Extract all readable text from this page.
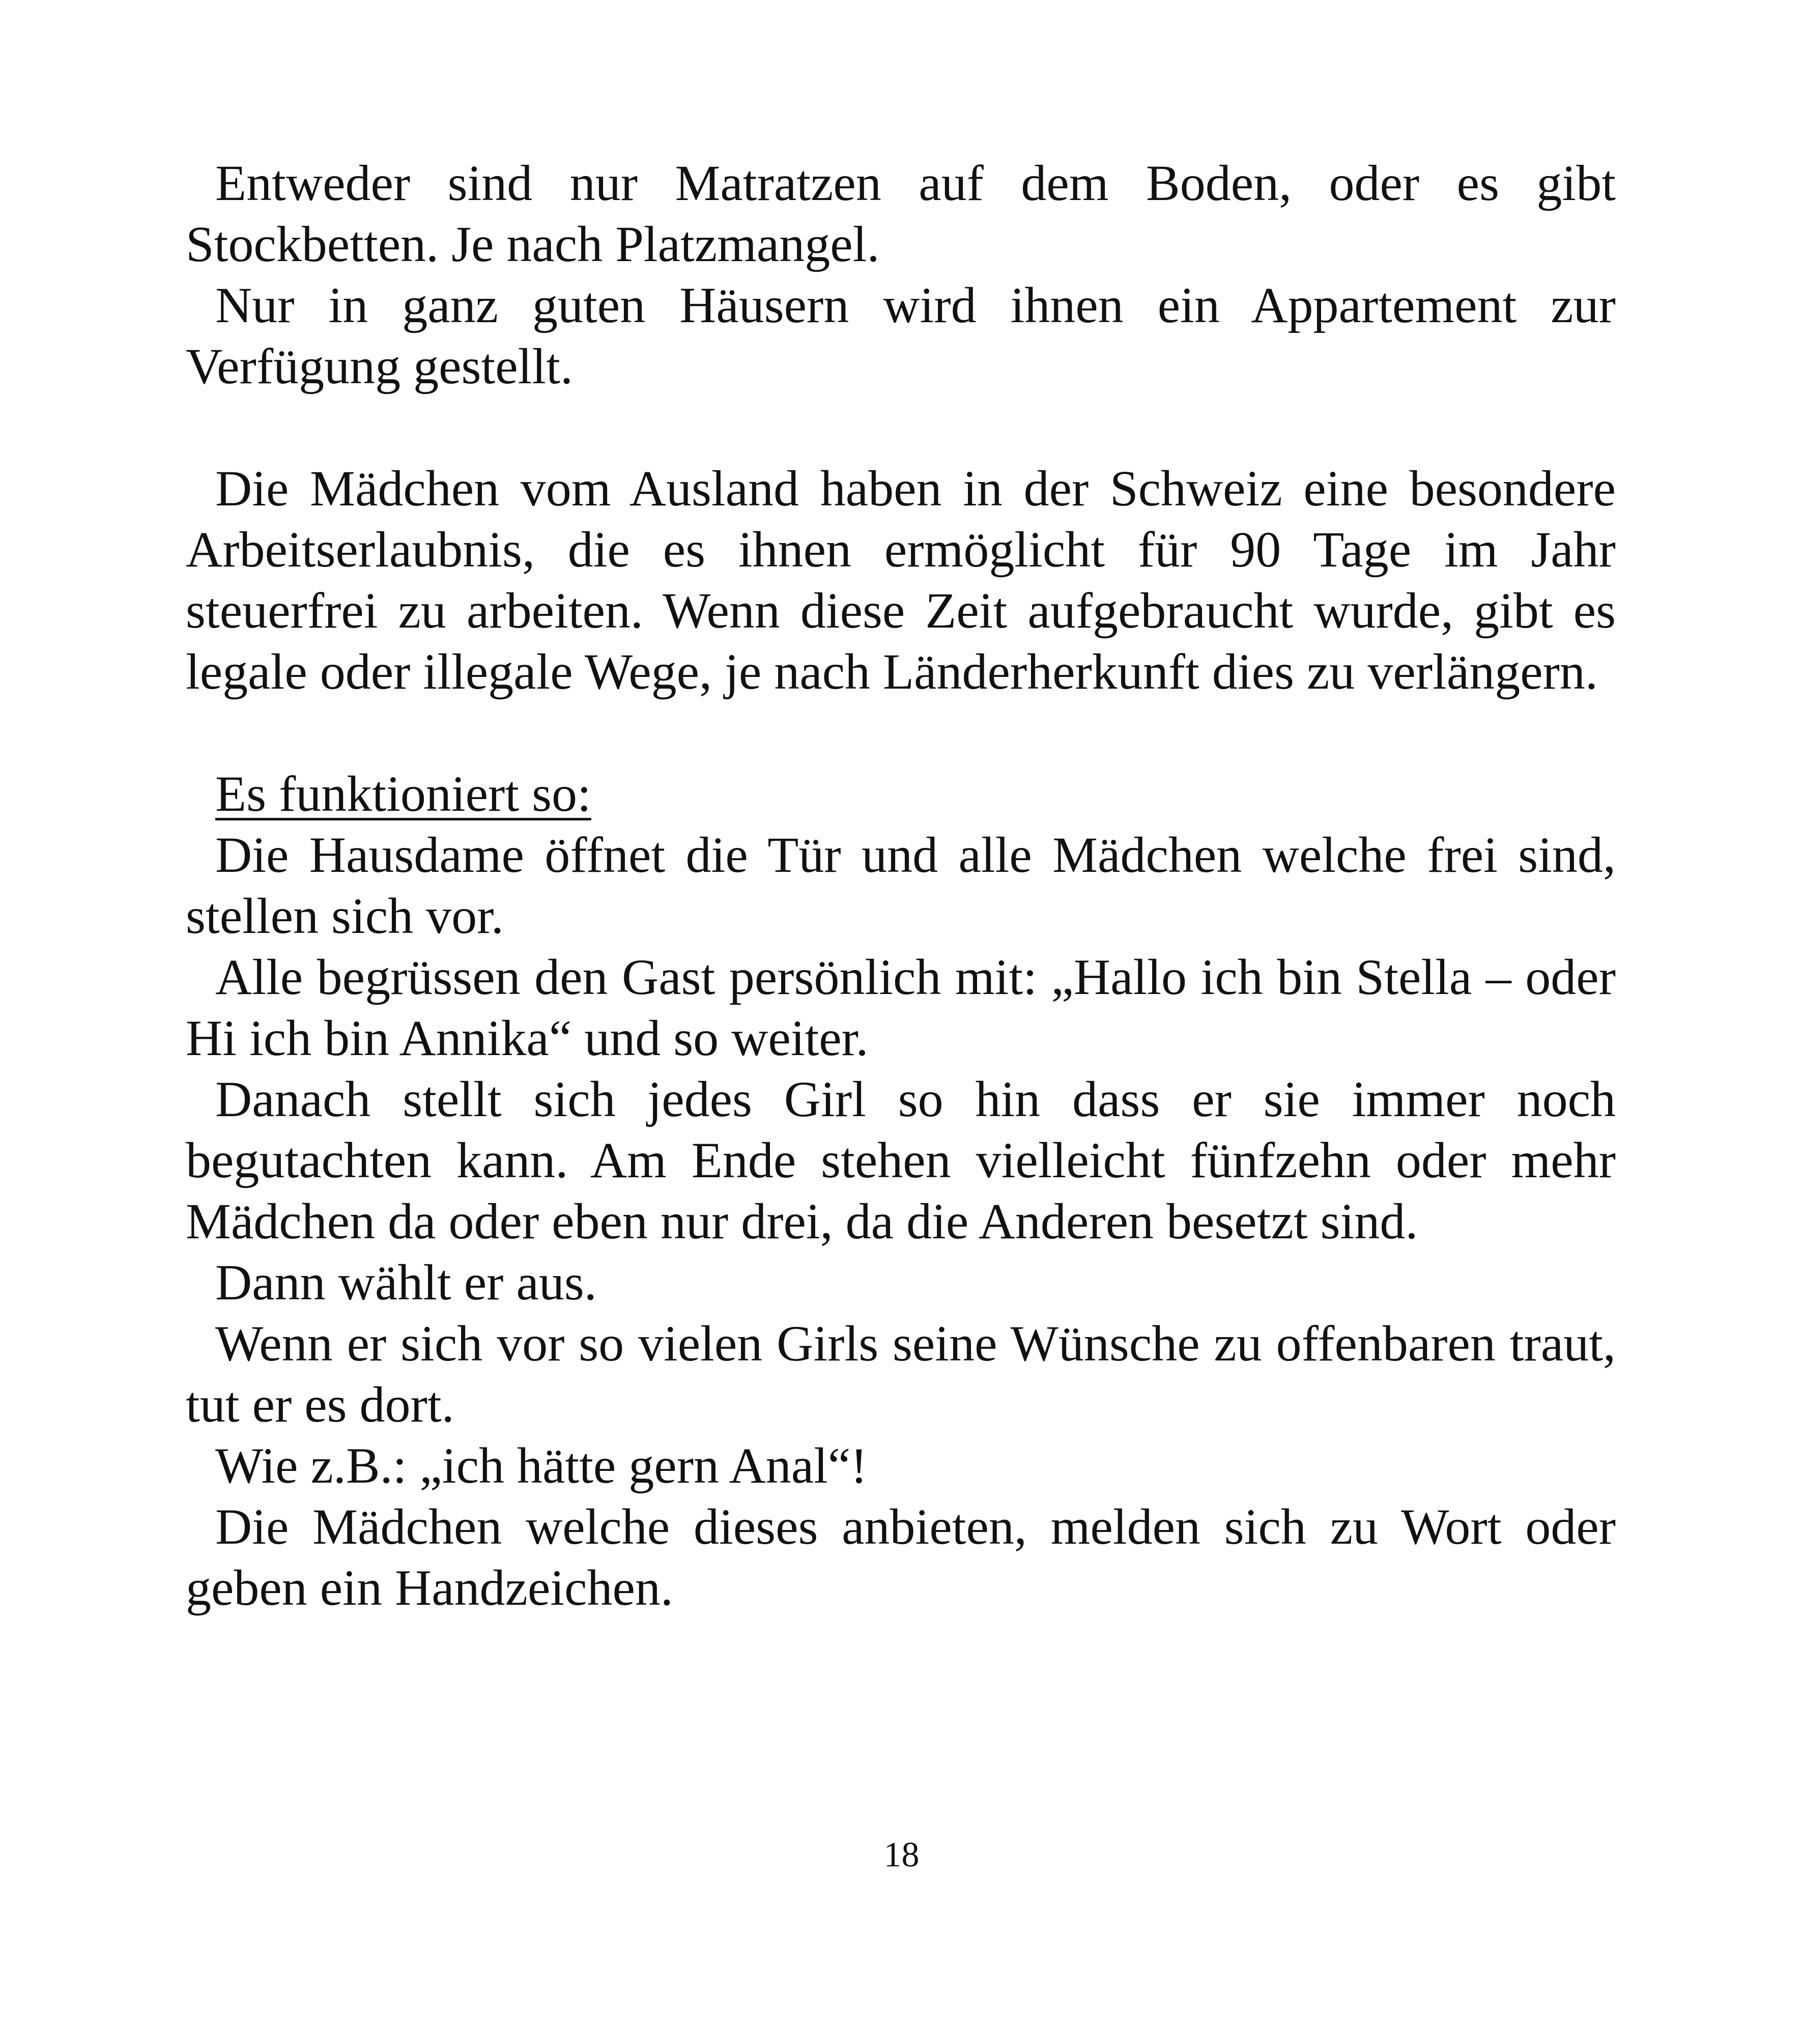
Entweder sind nur Matratzen auf dem Boden, oder es gibt Stockbetten. Je nach Platzmangel.

Nur in ganz guten Häusern wird ihnen ein Appartement zur Verfügung gestellt.

Die Mädchen vom Ausland haben in der Schweiz eine besondere Arbeitserlaubnis, die es ihnen ermöglicht für 90 Tage im Jahr steuerfrei zu arbeiten. Wenn diese Zeit aufgebraucht wurde, gibt es legale oder illegale Wege, je nach Länderherkunft dies zu verlängern.

Es funktioniert so:

Die Hausdame öffnet die Tür und alle Mädchen welche frei sind, stellen sich vor.

Alle begrüssen den Gast persönlich mit: „Hallo ich bin Stella – oder Hi ich bin Annika“ und so weiter.

Danach stellt sich jedes Girl so hin dass er sie immer noch begutachten kann. Am Ende stehen vielleicht fünfzehn oder mehr Mädchen da oder eben nur drei, da die Anderen besetzt sind.

Dann wählt er aus.

Wenn er sich vor so vielen Girls seine Wünsche zu offenbaren traut, tut er es dort.

Wie z.B.: „ich hätte gern Anal“!

Die Mädchen welche dieses anbieten, melden sich zu Wort oder geben ein Handzeichen.

18
